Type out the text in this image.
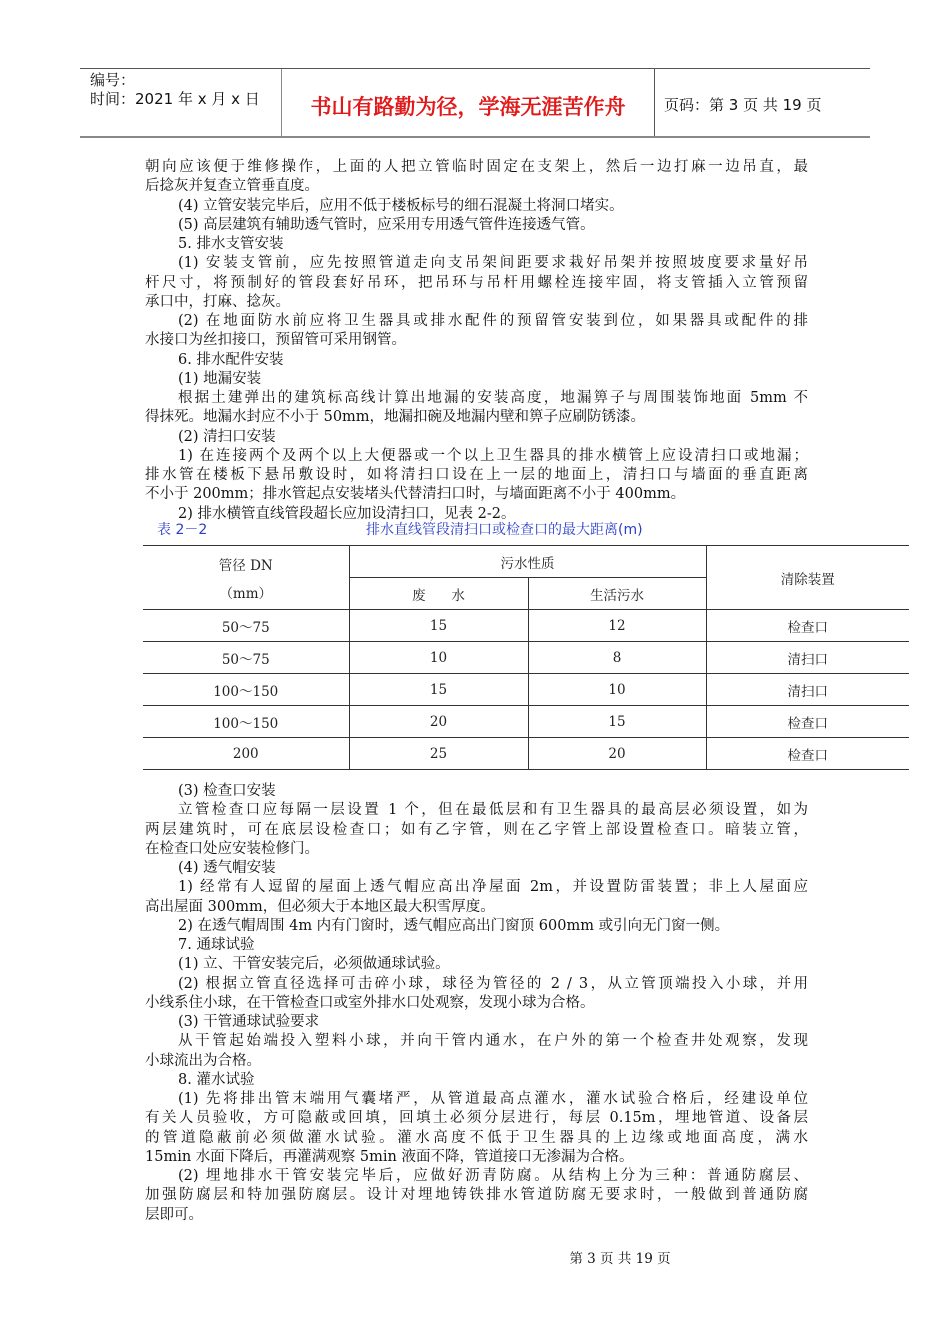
编号：
时间：2021 年 x 月 x 日	书山有路勤为径，学海无涯苦作舟	页码：第 3 页 共 19 页
朝向应该便于维修操作，上面的人把立管临时固定在支架上，然后一边打麻一边吊直，最
后捻灰并复查立管垂直度。
(4) 立管安装完毕后，应用不低于楼板标号的细石混凝土将洞口堵实。
(5) 高层建筑有辅助透气管时，应采用专用透气管件连接透气管。
5. 排水支管安装
(1) 安装支管前，应先按照管道走向支吊架间距要求栽好吊架并按照坡度要求量好吊
杆尺寸，将预制好的管段套好吊环，把吊环与吊杆用螺栓连接牢固，将支管插入立管预留
承口中，打麻、捻灰。
(2) 在地面防水前应将卫生器具或排水配件的预留管安装到位，如果器具或配件的排
水接口为丝扣接口，预留管可采用钢管。
6. 排水配件安装
(1) 地漏安装
根据土建弹出的建筑标高线计算出地漏的安装高度，地漏箅子与周围装饰地面 5mm 不
得抹死。地漏水封应不小于 50mm，地漏扣碗及地漏内壁和箅子应刷防锈漆。
(2) 清扫口安装
1) 在连接两个及两个以上大便器或一个以上卫生器具的排水横管上应设清扫口或地漏；
排水管在楼板下悬吊敷设时，如将清扫口设在上一层的地面上，清扫口与墙面的垂直距离
不小于 200mm；排水管起点安装堵头代替清扫口时，与墙面距离不小于 400mm。
2) 排水横管直线管段超长应加设清扫口，见表 2-2。
表 2－2	排水直线管段清扫口或检查口的最大距离(m)
管径 DN
（mm）	污水性质		清除装置
	废      水	生活污水	
50～75	15	12	检查口
50～75	10	8	清扫口
100～150	15	10	清扫口
100～150	20	15	检查口
200	25	20	检查口
(3) 检查口安装
立管检查口应每隔一层设置 1 个，但在最低层和有卫生器具的最高层必须设置，如为
两层建筑时，可在底层设检查口；如有乙字管，则在乙字管上部设置检查口。暗装立管，
在检查口处应安装检修门。
(4) 透气帽安装
1) 经常有人逗留的屋面上透气帽应高出净屋面 2m，并设置防雷装置；非上人屋面应
高出屋面 300mm，但必须大于本地区最大积雪厚度。
2) 在透气帽周围 4m 内有门窗时，透气帽应高出门窗顶 600mm 或引向无门窗一侧。
7. 通球试验
(1) 立、干管安装完后，必须做通球试验。
(2) 根据立管直径选择可击碎小球，球径为管径的 2 / 3，从立管顶端投入小球，并用
小线系住小球，在干管检查口或室外排水口处观察，发现小球为合格。
(3) 干管通球试验要求
从干管起始端投入塑料小球，并向干管内通水，在户外的第一个检查井处观察，发现
小球流出为合格。
8. 灌水试验
(1) 先将排出管末端用气囊堵严，从管道最高点灌水，灌水试验合格后，经建设单位
有关人员验收，方可隐蔽或回填，回填土必须分层进行，每层 0.15m，埋地管道、设备层
的管道隐蔽前必须做灌水试验。灌水高度不低于卫生器具的上边缘或地面高度，满水
15min 水面下降后，再灌满观察 5min 液面不降，管道接口无渗漏为合格。
(2) 埋地排水干管安装完毕后，应做好沥青防腐。从结构上分为三种：普通防腐层、
加强防腐层和特加强防腐层。设计对埋地铸铁排水管道防腐无要求时，一般做到普通防腐
层即可。
第 3 页 共 19 页
